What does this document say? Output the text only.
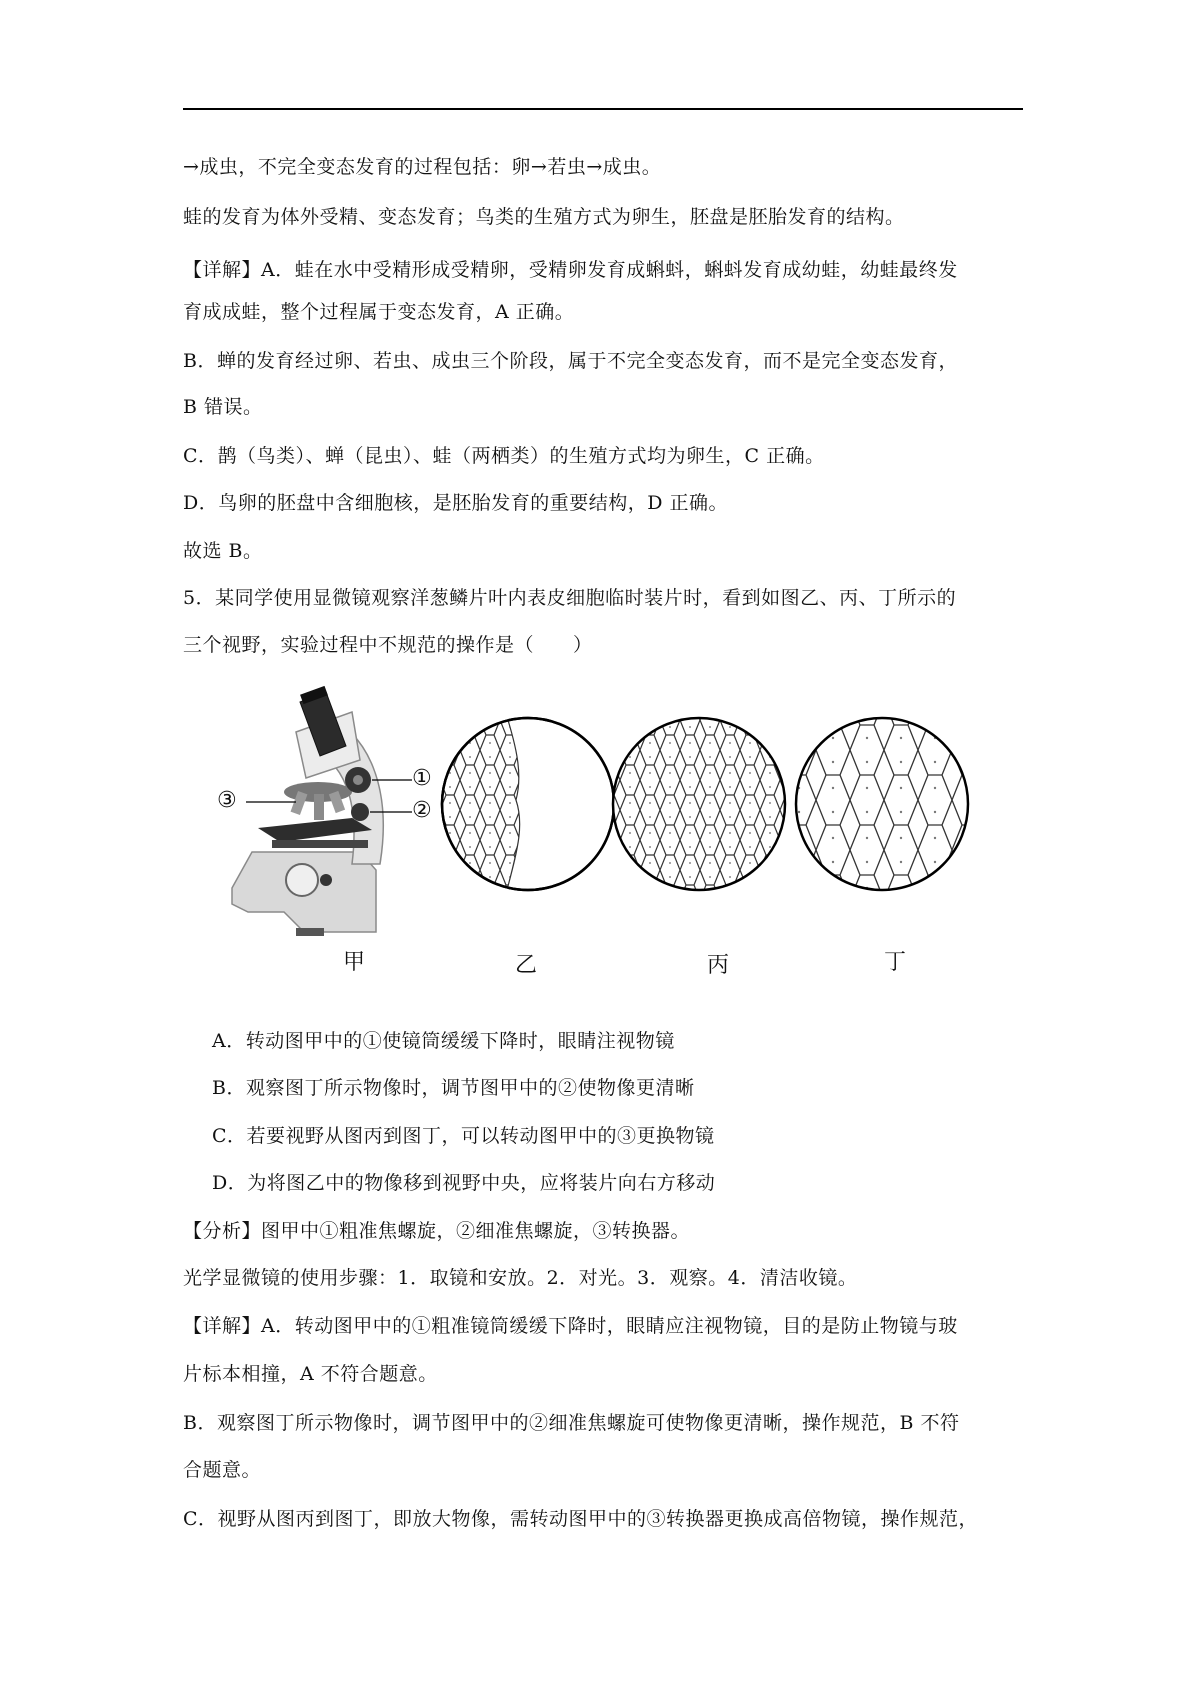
→成虫，不完全变态发育的过程包括：卵→若虫→成虫。
蛙的发育为体外受精、变态发育；鸟类的生殖方式为卵生，胚盘是胚胎发育的结构。
【详解】A．蛙在水中受精形成受精卵，受精卵发育成蝌蚪，蝌蚪发育成幼蛙，幼蛙最终发
育成成蛙，整个过程属于变态发育，A 正确。
B．蝉的发育经过卵、若虫、成虫三个阶段，属于不完全变态发育，而不是完全变态发育，
B 错误。
C．鹊（鸟类）、蝉（昆虫）、蛙（两栖类）的生殖方式均为卵生，C 正确。
D．鸟卵的胚盘中含细胞核，是胚胎发育的重要结构，D 正确。
故选 B。
5．某同学使用显微镜观察洋葱鳞片叶内表皮细胞临时装片时，看到如图乙、丙、丁所示的
三个视野，实验过程中不规范的操作是（　　）
①
②
③
甲	乙	丙	丁
A．转动图甲中的①使镜筒缓缓下降时，眼睛注视物镜
B．观察图丁所示物像时，调节图甲中的②使物像更清晰
C．若要视野从图丙到图丁，可以转动图甲中的③更换物镜
D．为将图乙中的物像移到视野中央，应将装片向右方移动
【分析】图甲中①粗准焦螺旋，②细准焦螺旋，③转换器。
光学显微镜的使用步骤：1．取镜和安放。2．对光。3．观察。4．清洁收镜。
【详解】A．转动图甲中的①粗准镜筒缓缓下降时，眼睛应注视物镜，目的是防止物镜与玻
片标本相撞，A 不符合题意。
B．观察图丁所示物像时，调节图甲中的②细准焦螺旋可使物像更清晰，操作规范，B 不符
合题意。
C．视野从图丙到图丁，即放大物像，需转动图甲中的③转换器更换成高倍物镜，操作规范，
